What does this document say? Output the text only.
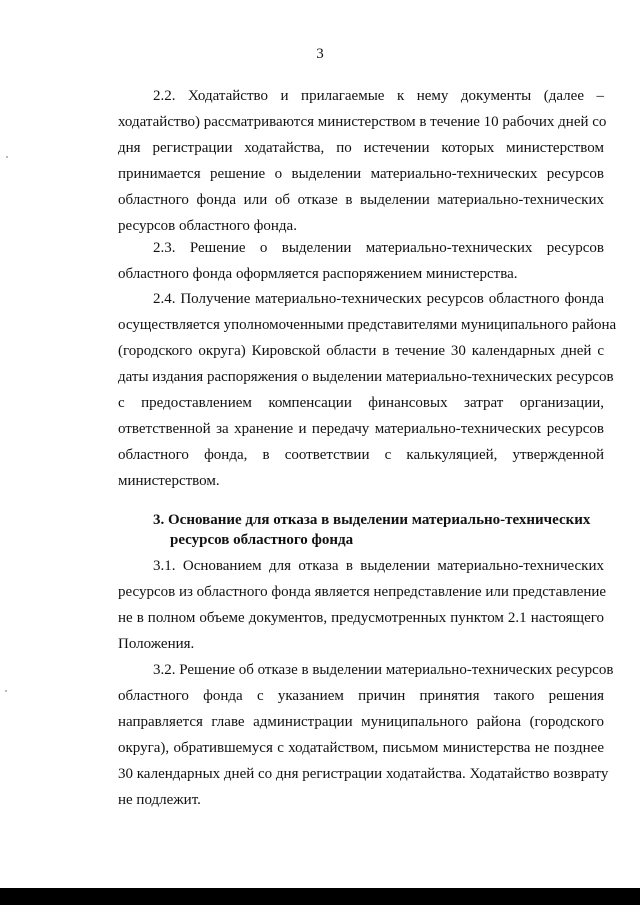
3
2.2. Ходатайство и прилагаемые к нему документы (далее –
ходатайство) рассматриваются министерством в течение 10 рабочих дней со
дня регистрации ходатайства, по истечении которых министерством
принимается решение о выделении материально-технических ресурсов
областного фонда или об отказе в выделении материально-технических
ресурсов областного фонда.
2.3. Решение о выделении материально-технических ресурсов
областного фонда оформляется распоряжением министерства.
2.4. Получение материально-технических ресурсов областного фонда
осуществляется уполномоченными представителями муниципального района
(городского округа) Кировской области в течение 30 календарных дней с
даты издания распоряжения о выделении материально-технических ресурсов
с предоставлением компенсации финансовых затрат организации,
ответственной за хранение и передачу материально-технических ресурсов
областного фонда, в соответствии с калькуляцией, утвержденной
министерством.
3. Основание для отказа в выделении материально-технических
ресурсов областного фонда
3.1. Основанием для отказа в выделении материально-технических
ресурсов из областного фонда является непредставление или представление
не в полном объеме документов, предусмотренных пунктом 2.1 настоящего
Положения.
3.2. Решение об отказе в выделении материально-технических ресурсов
областного фонда с указанием причин принятия такого решения
направляется главе администрации муниципального района (городского
округа), обратившемуся с ходатайством, письмом министерства не позднее
30 календарных дней со дня регистрации ходатайства. Ходатайство возврату
не подлежит.
